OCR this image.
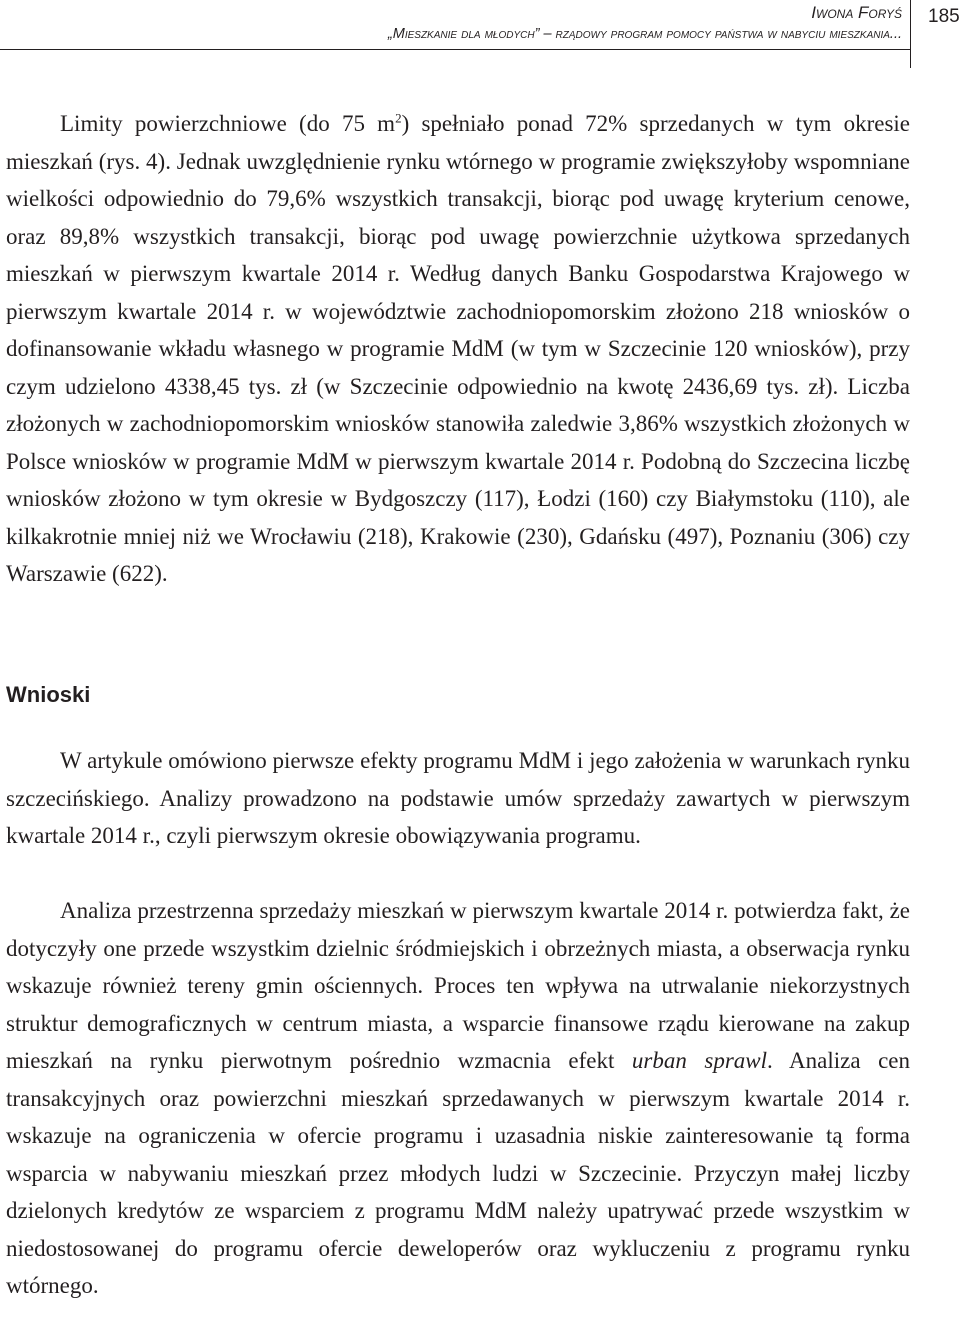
Iwona Foryś
„Mieszkanie dla młodych” – rządowy program pomocy państwa w nabyciu mieszkania...
185

Limity powierzchniowe (do 75 $m^2$) spełniało ponad 72% sprzedanych w tym okresie mieszkań (rys. 4). Jednak uwzględnienie rynku wtórnego w programie zwiększyłoby wspomniane wielkości odpowiednio do 79,6% wszystkich transakcji, biorąc pod uwagę kryterium cenowe, oraz 89,8% wszystkich transakcji, biorąc pod uwagę powierzchnie użytkowa sprzedanych mieszkań w pierwszym kwartale 2014 r. Według danych Banku Gospodarstwa Krajowego w pierwszym kwartale 2014 r. w województwie zachodniopomorskim złożono 218 wniosków o dofinansowanie wkładu własnego w programie MdM (w tym w Szczecinie 120 wniosków), przy czym udzielono 4338,45 tys. zł (w Szczecinie odpowiednio na kwotę 2436,69 tys. zł). Liczba złożonych w zachodniopomorskim wniosków stanowiła zaledwie 3,86% wszystkich złożonych w Polsce wniosków w programie MdM w pierwszym kwartale 2014 r. Podobną do Szczecina liczbę wniosków złożono w tym okresie w Bydgoszczy (117), Łodzi (160) czy Białymstoku (110), ale kilkakrotnie mniej niż we Wrocławiu (218), Krakowie (230), Gdańsku (497), Poznaniu (306) czy Warszawie (622).

Wnioski

W artykule omówiono pierwsze efekty programu MdM i jego założenia w warunkach rynku szczecińskiego. Analizy prowadzono na podstawie umów sprzedaży zawartych w pierwszym kwartale 2014 r., czyli pierwszym okresie obowiązywania programu.

Analiza przestrzenna sprzedaży mieszkań w pierwszym kwartale 2014 r. potwierdza fakt, że dotyczyły one przede wszystkim dzielnic śródmiejskich i obrzeżnych miasta, a obserwacja rynku wskazuje również tereny gmin ościennych. Proces ten wpływa na utrwalanie niekorzystnych struktur demograficznych w centrum miasta, a wsparcie finansowe rządu kierowane na zakup mieszkań na rynku pierwotnym pośrednio wzmacnia efekt urban sprawl. Analiza cen transakcyjnych oraz powierzchni mieszkań sprzedawanych w pierwszym kwartale 2014 r. wskazuje na ograniczenia w ofercie programu i uzasadnia niskie zainteresowanie tą forma wsparcia w nabywaniu mieszkań przez młodych ludzi w Szczecinie. Przyczyn małej liczby dzielonych kredytów ze wsparciem z programu MdM należy upatrywać przede wszystkim w niedostosowanej do programu ofercie deweloperów oraz wykluczeniu z programu rynku wtórnego.
